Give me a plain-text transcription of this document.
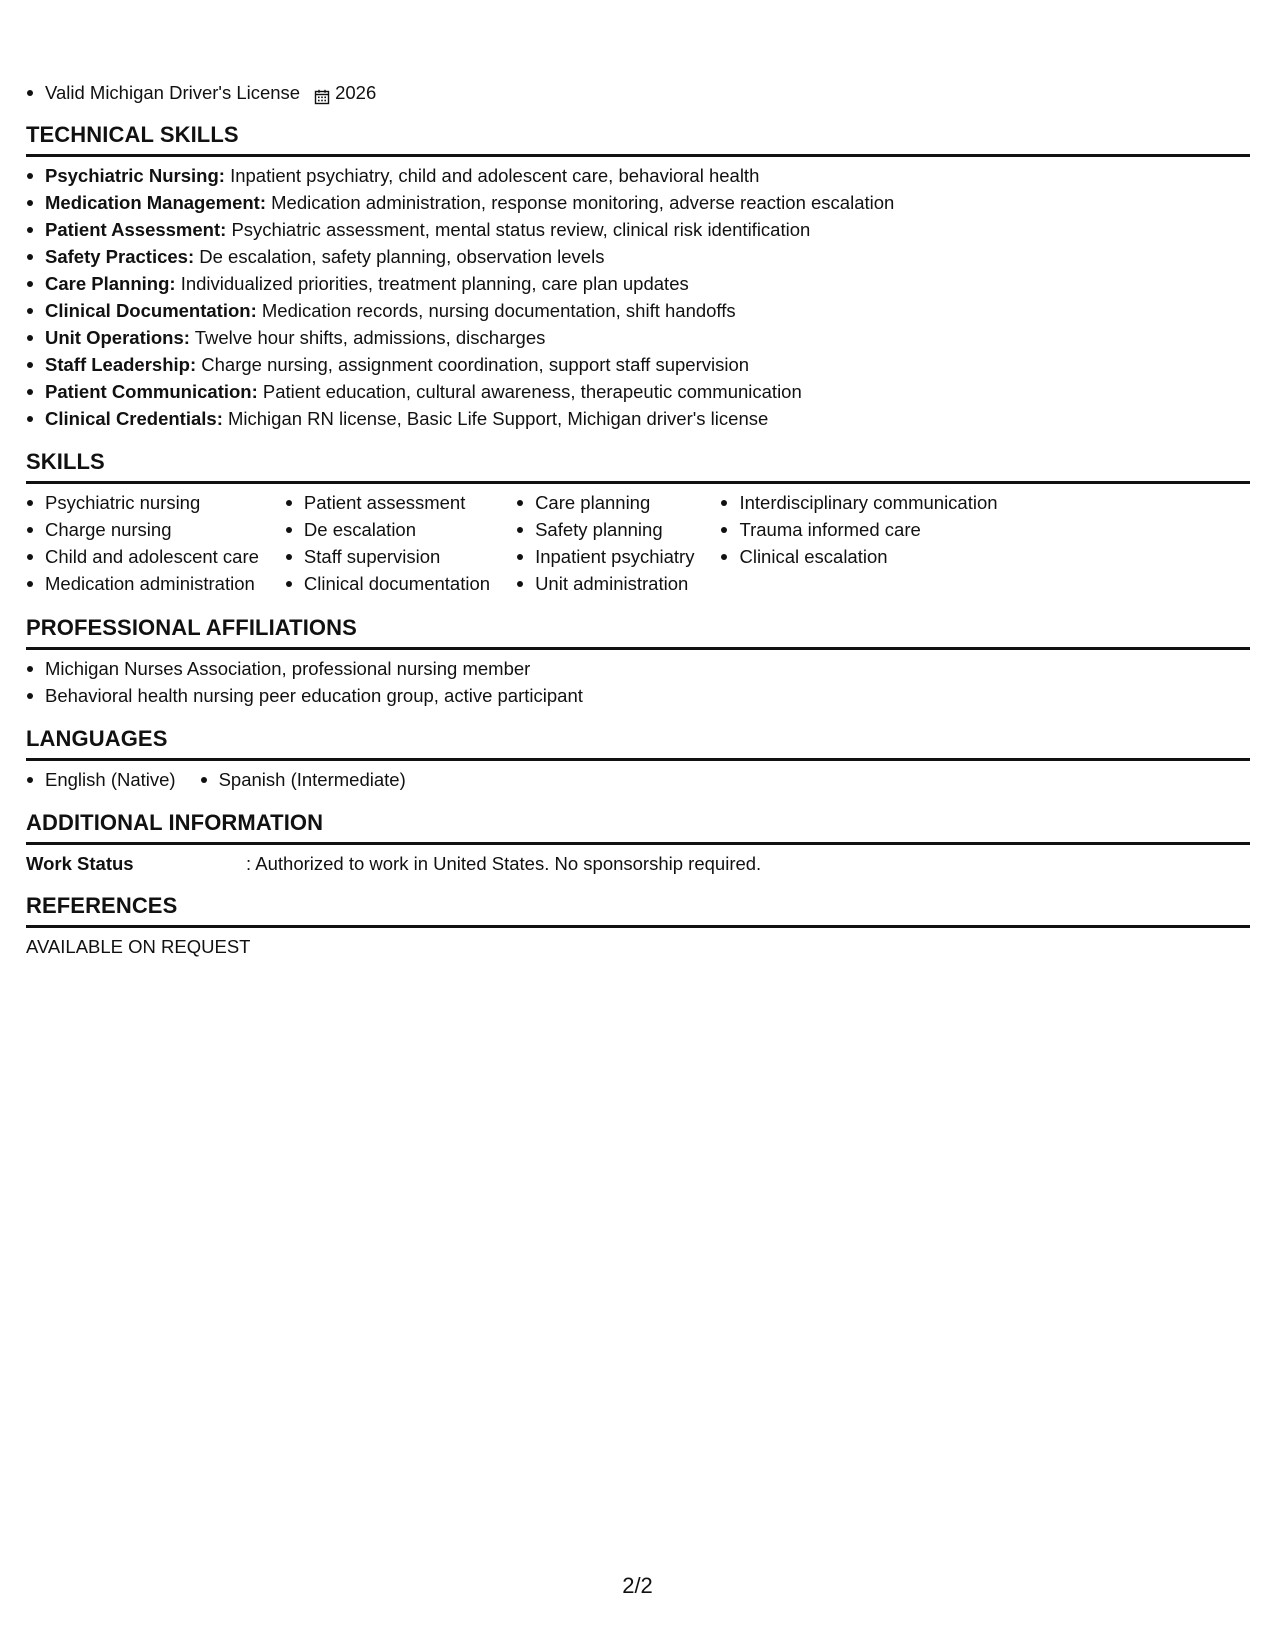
Valid Michigan Driver's License 2026
TECHNICAL SKILLS
Psychiatric Nursing: Inpatient psychiatry, child and adolescent care, behavioral health
Medication Management: Medication administration, response monitoring, adverse reaction escalation
Patient Assessment: Psychiatric assessment, mental status review, clinical risk identification
Safety Practices: De escalation, safety planning, observation levels
Care Planning: Individualized priorities, treatment planning, care plan updates
Clinical Documentation: Medication records, nursing documentation, shift handoffs
Unit Operations: Twelve hour shifts, admissions, discharges
Staff Leadership: Charge nursing, assignment coordination, support staff supervision
Patient Communication: Patient education, cultural awareness, therapeutic communication
Clinical Credentials: Michigan RN license, Basic Life Support, Michigan driver's license
SKILLS
Psychiatric nursing
Charge nursing
Child and adolescent care
Medication administration
Patient assessment
De escalation
Staff supervision
Clinical documentation
Care planning
Safety planning
Inpatient psychiatry
Unit administration
Interdisciplinary communication
Trauma informed care
Clinical escalation
PROFESSIONAL AFFILIATIONS
Michigan Nurses Association, professional nursing member
Behavioral health nursing peer education group, active participant
LANGUAGES
English (Native)	Spanish (Intermediate)
ADDITIONAL INFORMATION
Work Status	: Authorized to work in United States. No sponsorship required.
REFERENCES
AVAILABLE ON REQUEST
2/2
